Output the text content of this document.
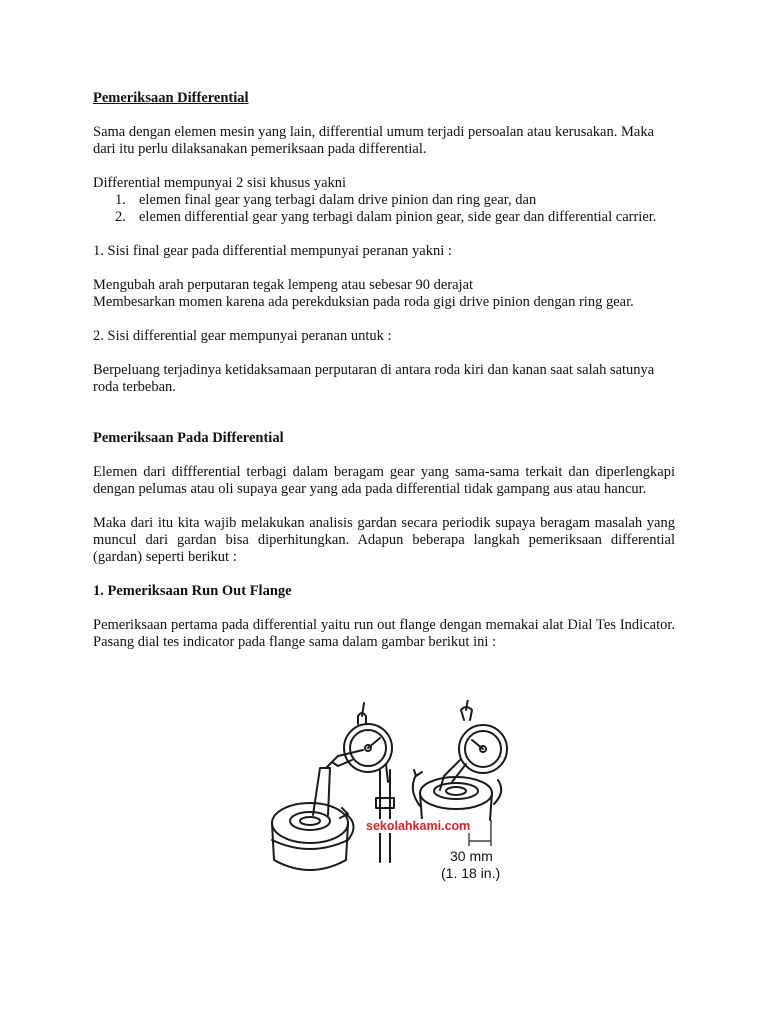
Pemeriksaan Differential

Sama dengan elemen mesin yang lain, differential umum terjadi persoalan atau kerusakan. Maka dari itu perlu dilaksanakan pemeriksaan pada differential.

Differential mempunyai 2 sisi khusus yakni

1. elemen final gear yang terbagi dalam drive pinion dan ring gear, dan
2. elemen differential gear yang terbagi dalam pinion gear, side gear dan differential carrier.

1. Sisi final gear pada differential mempunyai peranan yakni :

Mengubah arah perputaran tegak lempeng atau sebesar 90 derajat

Membesarkan momen karena ada perekduksian pada roda gigi drive pinion dengan ring gear.

2. Sisi differential gear mempunyai peranan untuk :

Berpeluang terjadinya ketidaksamaan perputaran di antara roda kiri dan kanan saat salah satunya roda terbeban.

Pemeriksaan Pada Differential

Elemen dari diffferential terbagi dalam beragam gear yang sama-sama terkait dan diperlengkapi dengan pelumas atau oli supaya gear yang ada pada differential tidak gampang aus atau hancur.

Maka dari itu kita wajib melakukan analisis gardan secara periodik supaya beragam masalah yang muncul dari gardan bisa diperhitungkan. Adapun beberapa langkah pemeriksaan differential (gardan) seperti berikut :

1. Pemeriksaan Run Out Flange

Pemeriksaan pertama pada differential yaitu run out flange dengan memakai alat Dial Tes Indicator. Pasang dial tes indicator pada flange sama dalam gambar berikut ini :

sekolahkami.com
30 mm
(1. 18 in.)
